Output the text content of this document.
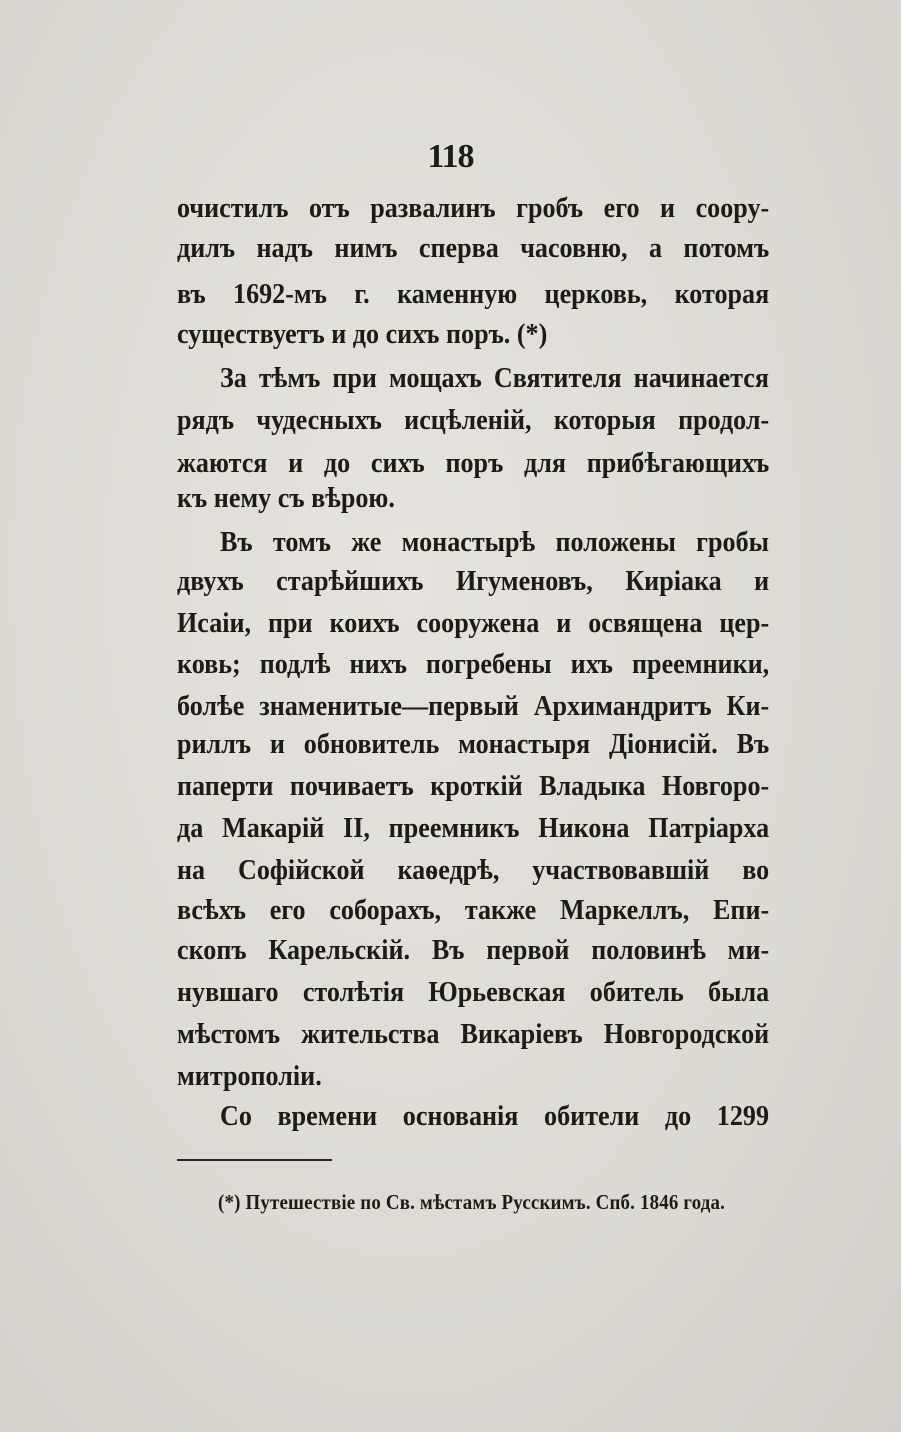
118
очистилъ отъ развалинъ гробъ его и соору-
дилъ надъ нимъ сперва часовню, а потомъ
въ 1692-мъ г. каменную церковь, которая
существуетъ и до сихъ поръ. (*)
За тѣмъ при мощахъ Святителя начинается
рядъ чудесныхъ исцѣленій, которыя продол-
жаются и до сихъ поръ для прибѣгающихъ
къ нему съ вѣрою.
Въ томъ же монастырѣ положены гробы
двухъ старѣйшихъ Игуменовъ, Киріака и
Исаіи, при коихъ сооружена и освящена цер-
ковь; подлѣ нихъ погребены ихъ преемники,
болѣе знаменитые—первый Архимандритъ Ки-
риллъ и обновитель монастыря Діонисій. Въ
паперти почиваетъ кроткій Владыка Новгоро-
да Макарій II, преемникъ Никона Патріарха
на Софійской каѳедрѣ, участвовавшій во
всѣхъ его соборахъ, также Маркеллъ, Епи-
скопъ Карельскій. Въ первой половинѣ ми-
нувшаго столѣтія Юрьевская обитель была
мѣстомъ жительства Викаріевъ Новгородской
митрополіи.
Со времени основанія обители до 1299
(*) Путешествіе по Св. мѣстамъ Русскимъ. Спб. 1846 года.
